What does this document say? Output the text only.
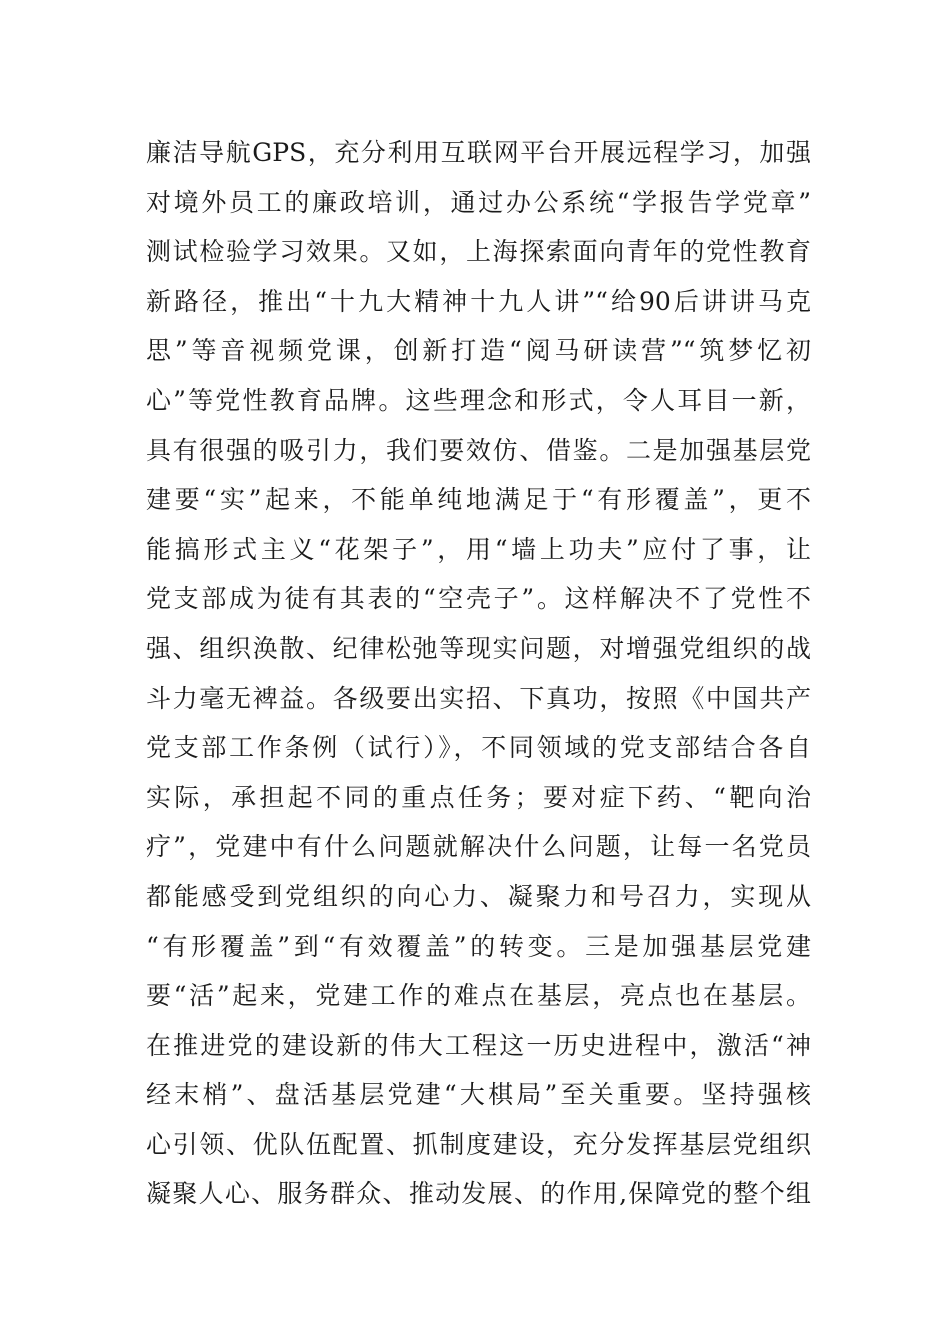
廉洁导航GPS，充分利用互联网平台开展远程学习，加强
对境外员工的廉政培训，通过办公系统“学报告学党章”
测试检验学习效果。又如，上海探索面向青年的党性教育
新路径，推出“十九大精神十九人讲”“给90后讲讲马克
思”等音视频党课，创新打造“阅马研读营”“筑梦忆初
心”等党性教育品牌。这些理念和形式，令人耳目一新，
具有很强的吸引力，我们要效仿、借鉴。二是加强基层党
建要“实”起来，不能单纯地满足于“有形覆盖”，更不
能搞形式主义“花架子”，用“墙上功夫”应付了事，让
党支部成为徒有其表的“空壳子”。这样解决不了党性不
强、组织涣散、纪律松弛等现实问题，对增强党组织的战
斗力毫无裨益。各级要出实招、下真功，按照《中国共产
党支部工作条例（试行）》，不同领域的党支部结合各自
实际，承担起不同的重点任务；要对症下药、“靶向治
疗”，党建中有什么问题就解决什么问题，让每一名党员
都能感受到党组织的向心力、凝聚力和号召力，实现从
“有形覆盖”到“有效覆盖”的转变。三是加强基层党建
要“活”起来，党建工作的难点在基层，亮点也在基层。
在推进党的建设新的伟大工程这一历史进程中，激活“神
经末梢”、盘活基层党建“大棋局”至关重要。坚持强核
心引领、优队伍配置、抓制度建设，充分发挥基层党组织
凝聚人心、服务群众、推动发展、的作用,保障党的整个组
